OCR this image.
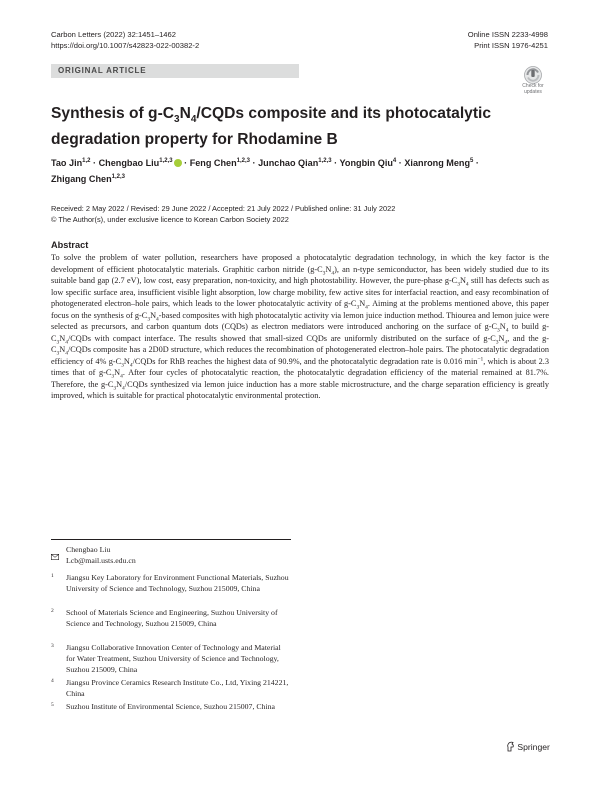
Carbon Letters (2022) 32:1451–1462
https://doi.org/10.1007/s42823-022-00382-2
Online ISSN 2233-4998
Print ISSN 1976-4251
ORIGINAL ARTICLE
Check for
updates
Synthesis of $g-C_3N_4$/CQDs composite and its photocatalytic degradation property for Rhodamine B
Tao Jin$^{1,2}$ · Chengbao Liu$^{1,2,3}$ · Feng Chen$^{1,2,3}$ · Junchao Qian$^{1,2,3}$ · Yongbin Qiu$^4$ · Xianrong Meng$^5$ ·
Zhigang Chen$^{1,2,3}$
Received: 2 May 2022 / Revised: 29 June 2022 / Accepted: 21 July 2022 / Published online: 31 July 2022
© The Author(s), under exclusive licence to Korean Carbon Society 2022
Abstract
To solve the problem of water pollution, researchers have proposed a photocatalytic degradation technology, in which the key factor is the development of efficient photocatalytic materials. Graphitic carbon nitride $(g-C_3N_4)$, an n-type semiconductor, has been widely studied due to its suitable band gap (2.7 eV), low cost, easy preparation, non-toxicity, and high photostability. However, the pure-phase $g-C_3N_4$ still has defects such as low specific surface area, insufficient visible light absorption, low charge mobility, few active sites for interfacial reaction, and easy recombination of photogenerated electron–hole pairs, which leads to the lower photocatalytic activity of $g-C_3N_4$. Aiming at the problems mentioned above, this paper focus on the synthesis of $g-C_3N_4$-based composites with high photocatalytic activity via lemon juice induction method. Thiourea and lemon juice were selected as precursors, and carbon quantum dots (CQDs) as electron mediators were introduced anchoring on the surface of $g-C_3N_4$ to build $g-C_3N_4$/CQDs with compact interface. The results showed that small-sized CQDs are uniformly distributed on the surface of $g-C_3N_4$, and the $g-C_3N_4$/CQDs composite has a 2D0D structure, which reduces the recombination of photogenerated electron–hole pairs. The photocatalytic degradation efficiency of 4% $g-C_3N_4$/CQDs for RhB reaches the highest data of 90.9%, and the photocatalytic degradation rate is 0.016 $\min^{-1}$, which is about 2.3 times that of $g-C_3N_4$. After four cycles of photocatalytic reaction, the photocatalytic degradation efficiency of the material remained at 81.7%. Therefore, the $g-C_3N_4$/CQDs synthesized via lemon juice induction has a more stable microstructure, and the charge separation efficiency is greatly improved, which is suitable for practical photocatalytic environmental protection.
Chengbao Liu
Lcb@mail.usts.edu.cn
1 Jiangsu Key Laboratory for Environment Functional Materials, Suzhou University of Science and Technology, Suzhou 215009, China
2 School of Materials Science and Engineering, Suzhou University of Science and Technology, Suzhou 215009, China
3 Jiangsu Collaborative Innovation Center of Technology and Material for Water Treatment, Suzhou University of Science and Technology, Suzhou 215009, China
4 Jiangsu Province Ceramics Research Institute Co., Ltd, Yixing 214221, China
5 Suzhou Institute of Environmental Science, Suzhou 215007, China
Springer
